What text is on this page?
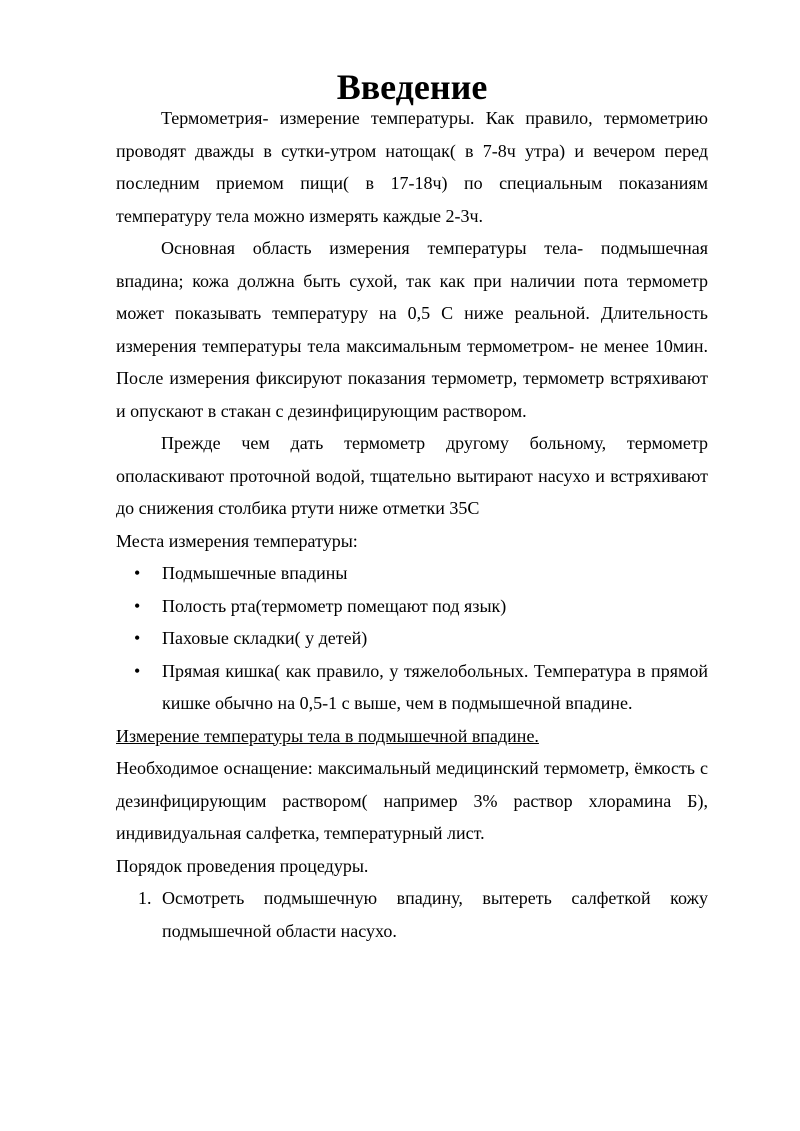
Введение

Термометрия- измерение температуры. Как правило, термометрию проводят дважды в сутки-утром натощак( в 7-8ч утра) и вечером перед последним приемом пищи( в 17-18ч) по специальным показаниям температуру тела можно измерять каждые 2-3ч.

Основная область измерения температуры тела- подмышечная впадина; кожа должна быть сухой, так как при наличии пота термометр может показывать температуру на 0,5 С ниже реальной. Длительность измерения температуры тела максимальным термометром- не менее 10мин. После измерения фиксируют показания термометр, термометр встряхивают и опускают в стакан с дезинфицирующим раствором.

Прежде чем дать термометр другому больному, термометр ополаскивают проточной водой, тщательно вытирают насухо и встряхивают до снижения столбика ртути ниже отметки 35С

Места измерения температуры:

• Подмышечные впадины
• Полость рта(термометр помещают под язык)
• Паховые складки( у детей)
• Прямая кишка( как правило, у тяжелобольных. Температура в прямой кишке обычно на 0,5-1 с выше, чем в подмышечной впадине.

Измерение температуры тела в подмышечной впадине.

Необходимое оснащение: максимальный медицинский термометр, ёмкость с дезинфицирующим раствором( например 3% раствор хлорамина Б), индивидуальная салфетка, температурный лист.

Порядок проведения процедуры.

1. Осмотреть подмышечную впадину, вытереть салфеткой кожу подмышечной области насухо.
